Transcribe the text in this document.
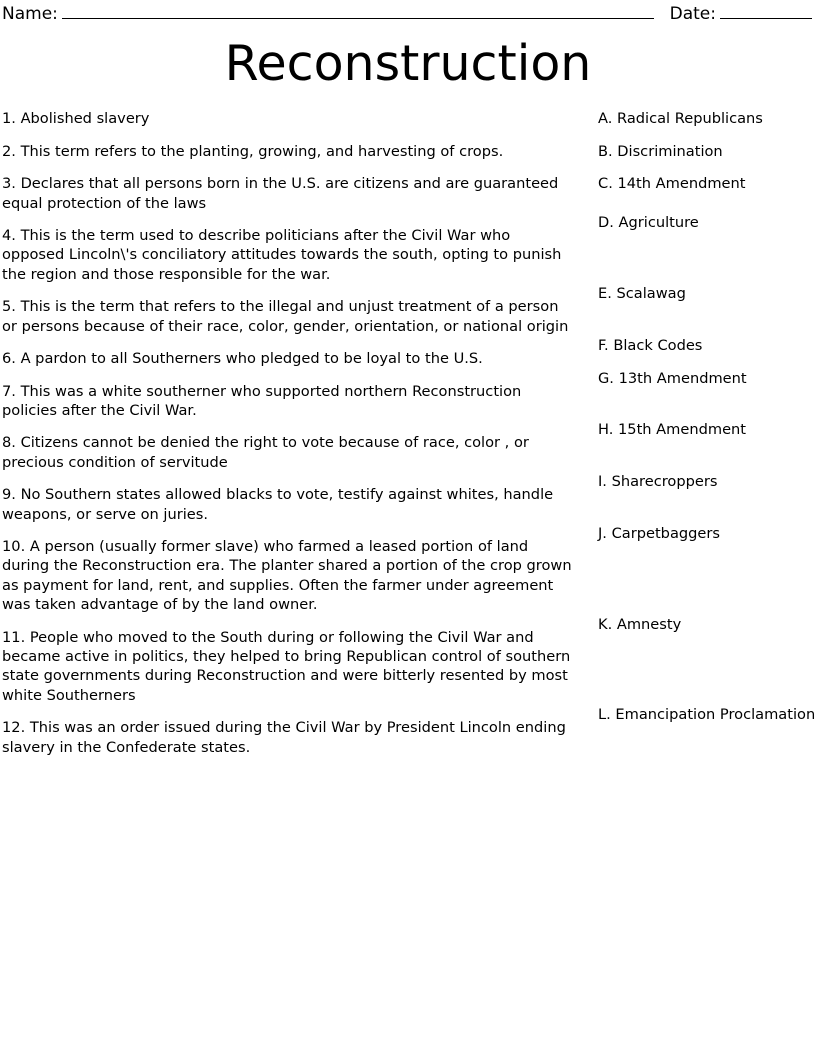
Name:	Date:
Reconstruction
1. Abolished slavery
2. This term refers to the planting, growing, and harvesting of crops.
3. Declares that all persons born in the U.S. are citizens and are guaranteed equal protection of the laws
4. This is the term used to describe politicians after the Civil War who opposed Lincoln\'s conciliatory attitudes towards the south, opting to punish the region and those responsible for the war.
5. This is the term that refers to the illegal and unjust treatment of a person or persons because of their race, color, gender, orientation, or national origin
6. A pardon to all Southerners who pledged to be loyal to the U.S.
7. This was a white southerner who supported northern Reconstruction policies after the Civil War.
8. Citizens cannot be denied the right to vote because of race, color , or precious condition of servitude
9. No Southern states allowed blacks to vote, testify against whites, handle weapons, or serve on juries.
10. A person (usually former slave) who farmed a leased portion of land during the Reconstruction era. The planter shared a portion of the crop grown as payment for land, rent, and supplies. Often the farmer under agreement was taken advantage of by the land owner.
11. People who moved to the South during or following the Civil War and became active in politics, they helped to bring Republican control of southern state governments during Reconstruction and were bitterly resented by most white Southerners
12. This was an order issued during the Civil War by President Lincoln ending slavery in the Confederate states.
A. Radical Republicans
B. Discrimination
C. 14th Amendment
D. Agriculture
E. Scalawag
F. Black Codes
G. 13th Amendment
H. 15th Amendment
I. Sharecroppers
J. Carpetbaggers
K. Amnesty
L. Emancipation Proclamation
